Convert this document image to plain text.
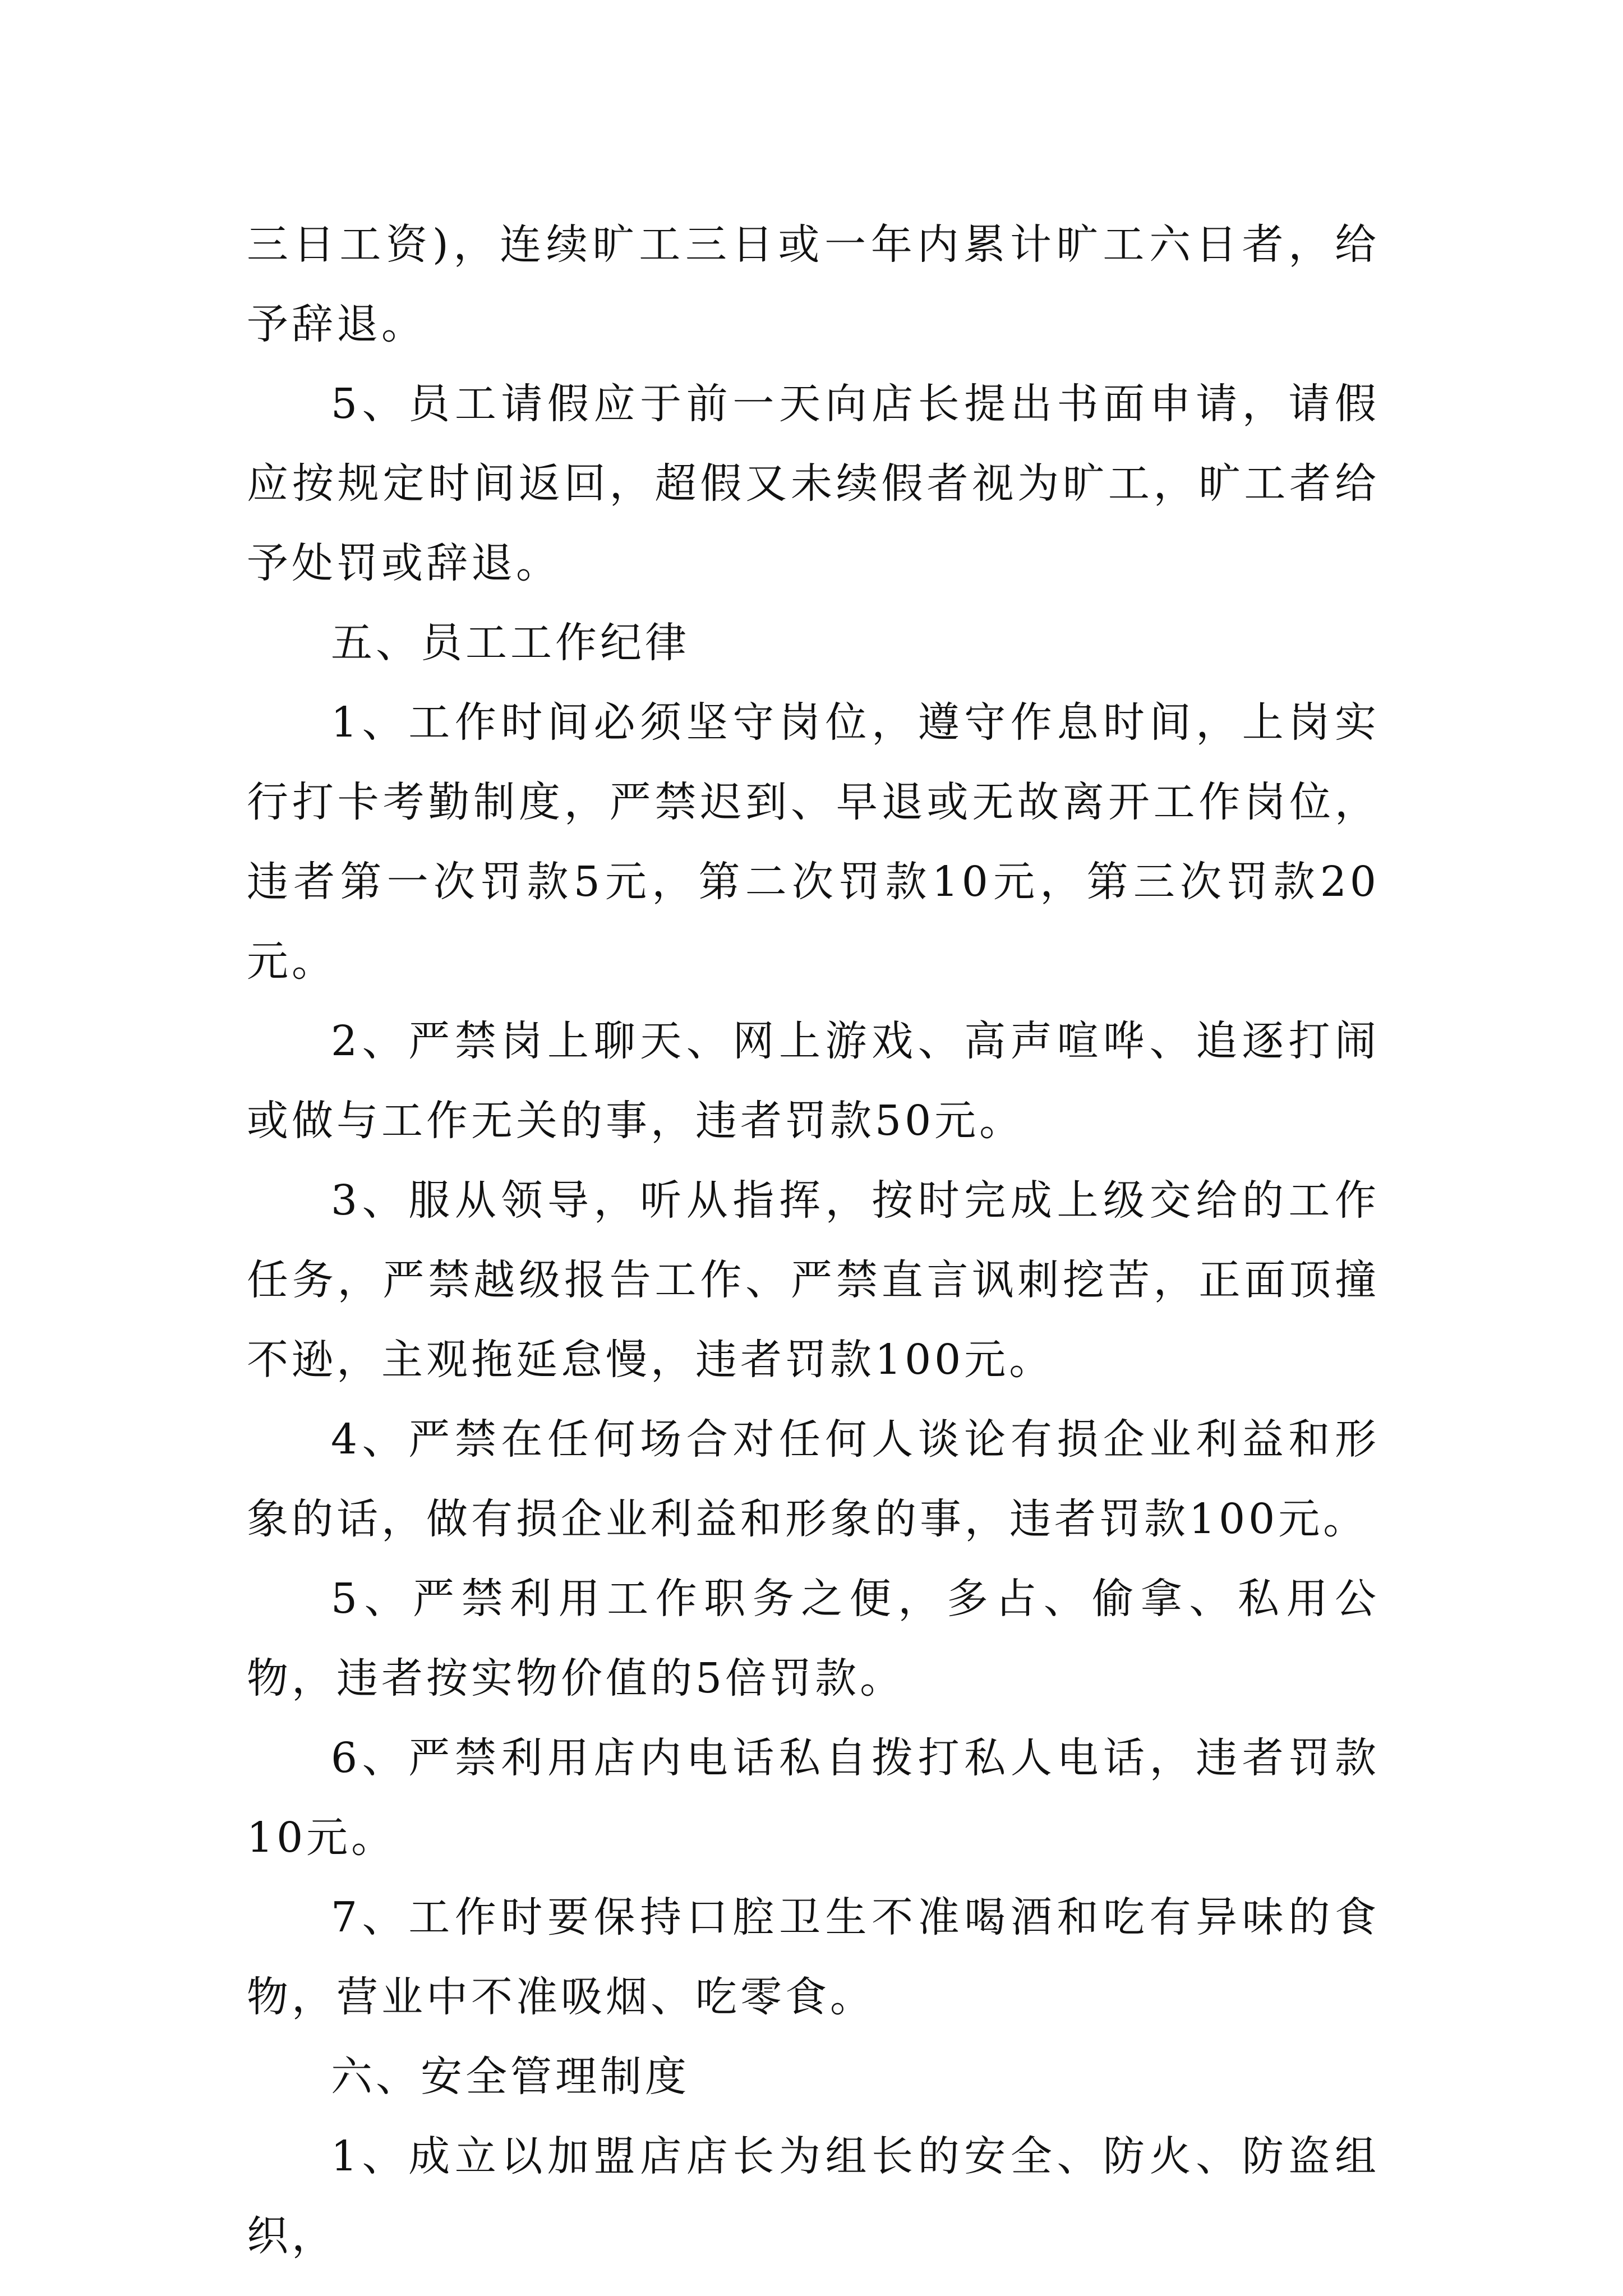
三日工资)，连续旷工三日或一年内累计旷工六日者，给予辞退。

5、员工请假应于前一天向店长提出书面申请，请假应按规定时间返回，超假又未续假者视为旷工，旷工者给予处罚或辞退。

五、员工工作纪律

1、工作时间必须坚守岗位，遵守作息时间，上岗实行打卡考勤制度，严禁迟到、早退或无故离开工作岗位，违者第一次罚款5元，第二次罚款10元，第三次罚款20元。

2、严禁岗上聊天、网上游戏、高声喧哗、追逐打闹或做与工作无关的事，违者罚款50元。

3、服从领导，听从指挥，按时完成上级交给的工作任务，严禁越级报告工作、严禁直言讽刺挖苦，正面顶撞不逊，主观拖延怠慢，违者罚款100元。

4、严禁在任何场合对任何人谈论有损企业利益和形象的话，做有损企业利益和形象的事，违者罚款100元。

5、严禁利用工作职务之便，多占、偷拿、私用公物，违者按实物价值的5倍罚款。

6、严禁利用店内电话私自拨打私人电话，违者罚款10元。

7、工作时要保持口腔卫生不准喝酒和吃有异味的食物，营业中不准吸烟、吃零食。

六、安全管理制度

1、成立以加盟店店长为组长的安全、防火、防盗组织，
